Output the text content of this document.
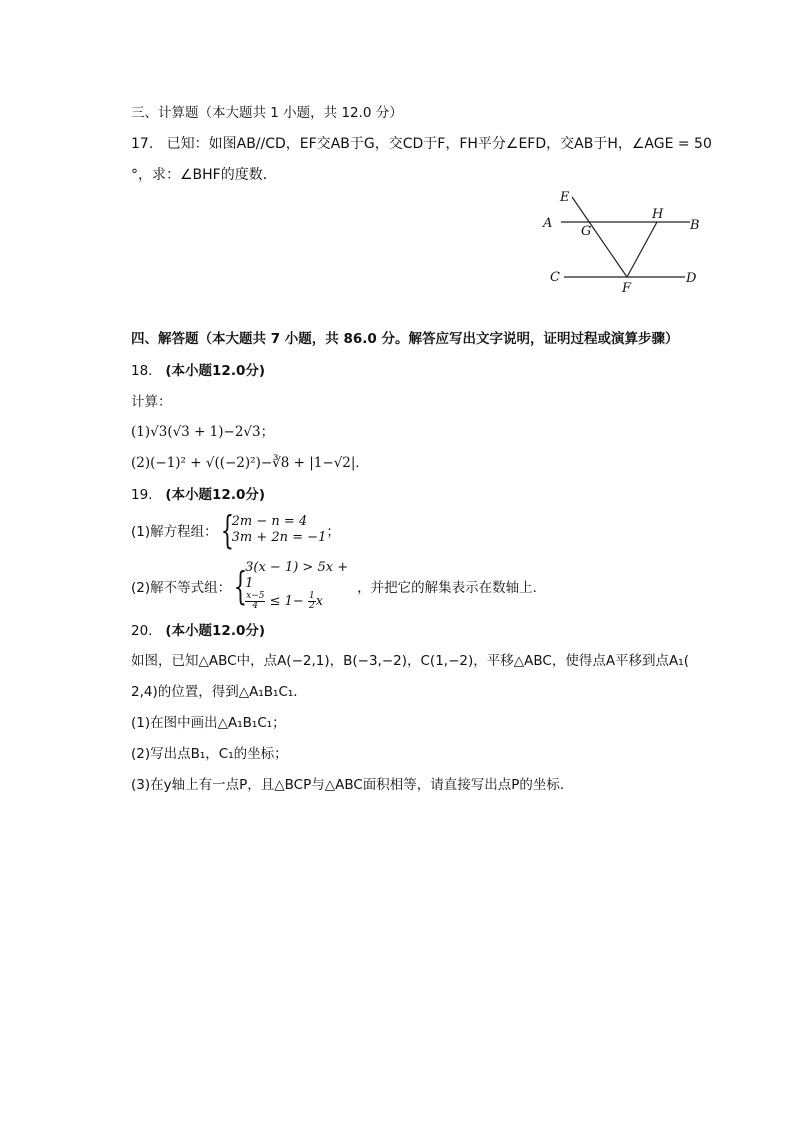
三、计算题（本大题共 1 小题，共 12.0 分）
17. 已知：如图AB//CD，EF交AB于G，交CD于F，FH平分∠EFD，交AB于H，∠AGE = 50
°，求：∠BHF的度数．
E
A
G
H
B
C
F
D
四、解答题（本大题共 7 小题，共 86.0 分。解答应写出文字说明，证明过程或演算步骤）
18. (本小题12.0分)
计算：
(1)√3(√3 + 1)−2√3；
(2)(−1)² + √((−2)²)−∛8 + |1−√2|．
19. (本小题12.0分)
(1)解方程组： {
2m − n = 4
3m + 2n = −1 ；
(2)解不等式组： {
3(x − 1) > 5x + 1
$\frac{x-5}{4} \le 1- \frac{1}{2}$ x
，并把它的解集表示在数轴上．
20. (本小题12.0分)
如图，已知△ABC中，点A(−2,1)，B(−3,−2)，C(1,−2)，平移△ABC，使得点A平移到点A₁(
2,4)的位置，得到△A₁B₁C₁．
(1)在图中画出△A₁B₁C₁；
(2)写出点B₁，C₁的坐标；
(3)在y轴上有一点P，且△BCP与△ABC面积相等，请直接写出点P的坐标．
